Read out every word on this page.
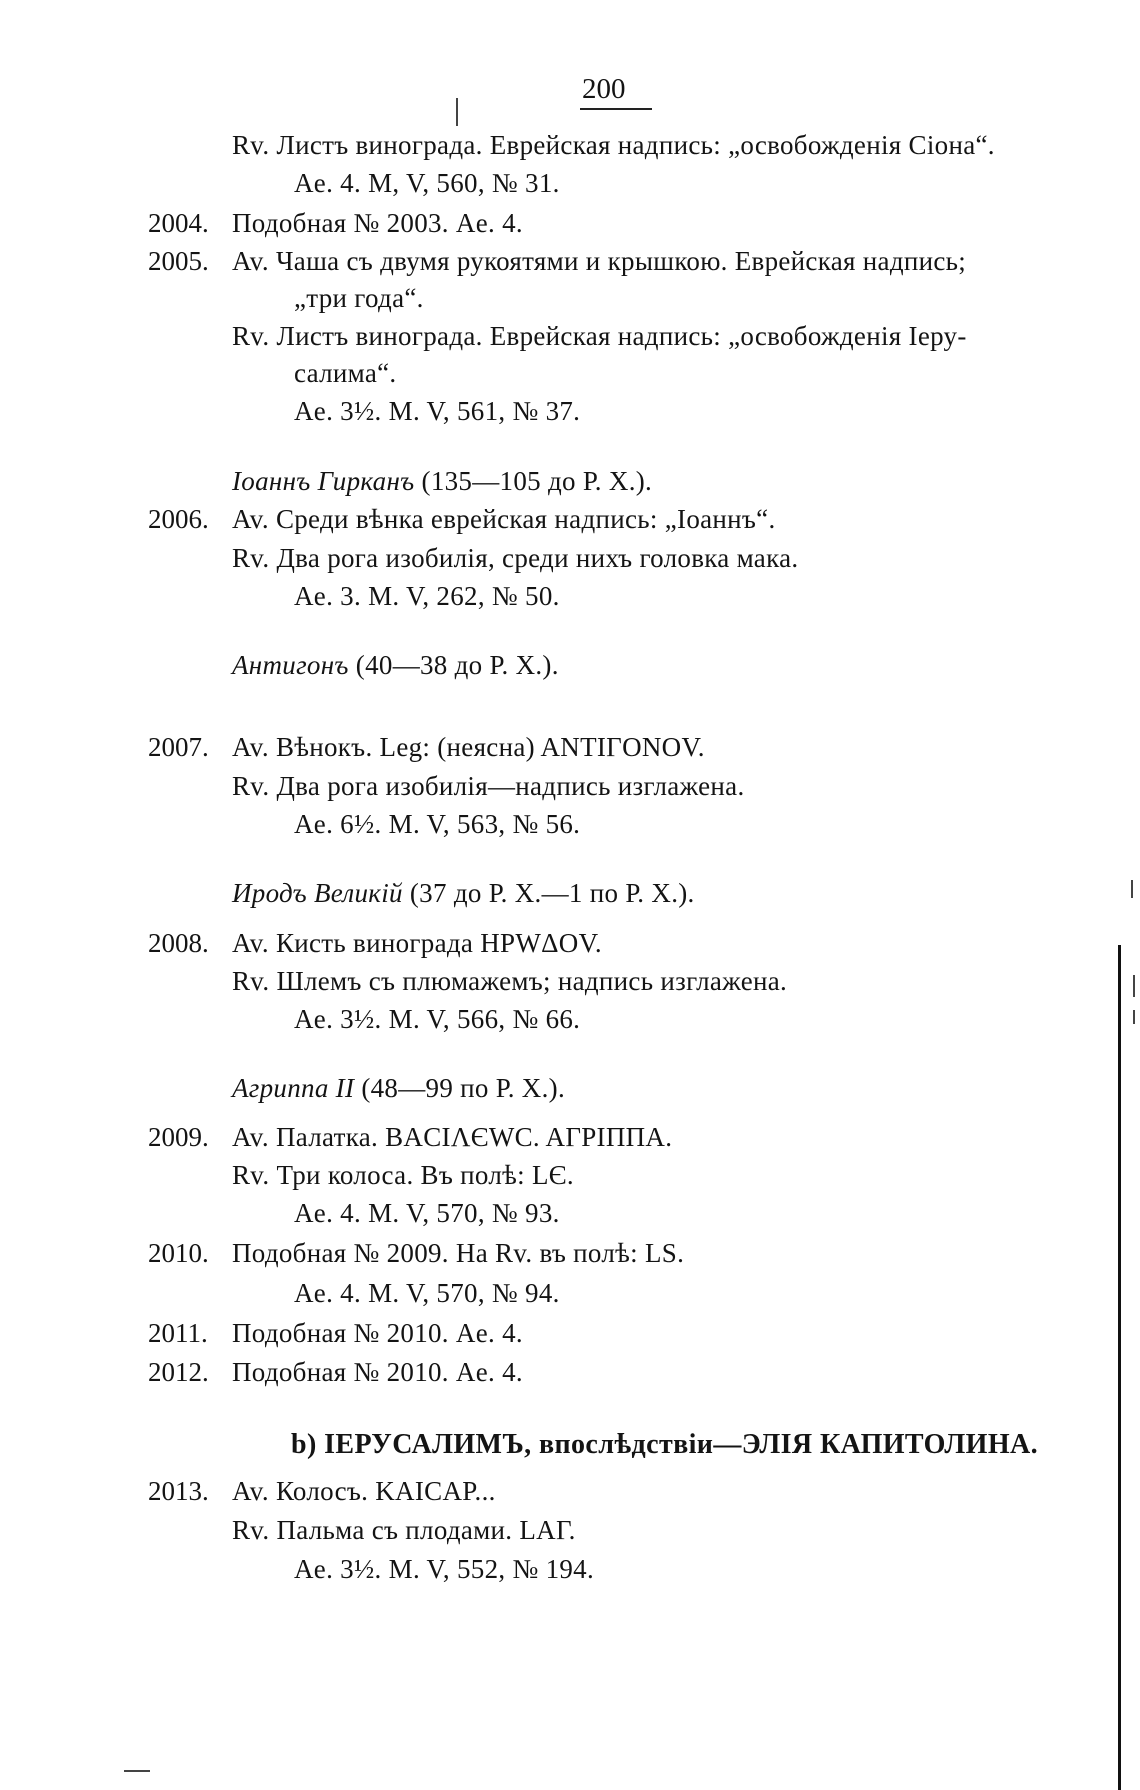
200
Rv. Листъ винограда. Еврейская надпись: „освобожденія Сіона“.
Ae. 4. M, V, 560, № 31.
2004. Подобная № 2003. Ae. 4.
2005. Av. Чаша съ двумя рукоятями и крышкою. Еврейская надпись;
„три года“.
Rv. Листъ винограда. Еврейская надпись: „освобожденія Іеру-
салима“.
Ae. 3½. M. V, 561, № 37.
Іоаннъ Гирканъ (135—105 до Р. Х.).
2006. Av. Среди вѣнка еврейская надпись: „Іоаннъ“.
Rv. Два рога изобилія, среди нихъ головка мака.
Ae. 3. M. V, 262, № 50.
Антигонъ (40—38 до Р. Х.).
2007. Av. Вѣнокъ. Leg: (неясна) ANTIΓONOV.
Rv. Два рога изобилія—надпись изглажена.
Ae. 6½. M. V, 563, № 56.
Иродъ Великій (37 до Р. Х.—1 по Р. Х.).
2008. Av. Кисть винограда HPWΔOV.
Rv. Шлемъ съ плюмажемъ; надпись изглажена.
Ae. 3½. M. V, 566, № 66.
Агриппа II (48—99 по Р. Х.).
2009. Av. Палатка. BACIΛЄWC. AΓPIΠΠA.
Rv. Три колоса. Въ полѣ: LЄ.
Ae. 4. M. V, 570, № 93.
2010. Подобная № 2009. На Rv. въ полѣ: LS.
Ae. 4. M. V, 570, № 94.
2011. Подобная № 2010. Ae. 4.
2012. Подобная № 2010. Ae. 4.
b) ІЕРУСАЛИМЪ, впослѣдствіи—ЭЛІЯ КАПИТОЛИНА.
2013. Av. Колосъ. KAICAP...
Rv. Пальма съ плодами. LAΓ.
Ae. 3½. M. V, 552, № 194.
